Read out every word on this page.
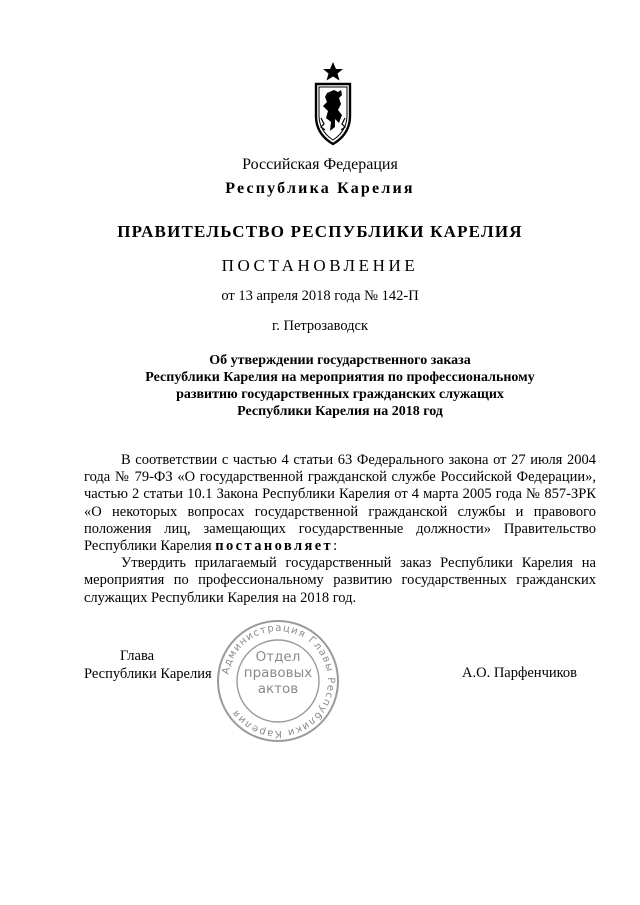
Российская Федерация
Республика Карелия
ПРАВИТЕЛЬСТВО РЕСПУБЛИКИ КАРЕЛИЯ
ПОСТАНОВЛЕНИЕ
от 13 апреля 2018 года № 142-П
г. Петрозаводск
Об утверждении государственного заказа
Республики Карелия на мероприятия по профессиональному
развитию государственных гражданских служащих
Республики Карелия на 2018 год

В соответствии с частью 4 статьи 63 Федерального закона от 27 июля 2004 года № 79-ФЗ «О государственной гражданской службе Российской Федерации», частью 2 статьи 10.1 Закона Республики Карелия от 4 марта 2005 года № 857-ЗРК «О некоторых вопросах государственной гражданской службы и правового положения лиц, замещающих государственные должности» Правительство Республики Карелия постановляет:

Утвердить прилагаемый государственный заказ Республики Карелия на мероприятия по профессиональному развитию государственных гражданских служащих Республики Карелия на 2018 год.

Глава
Республики Карелия	А.О. Парфенчиков
Администрация Главы Республики Карелия
Отдел
правовых
актов
